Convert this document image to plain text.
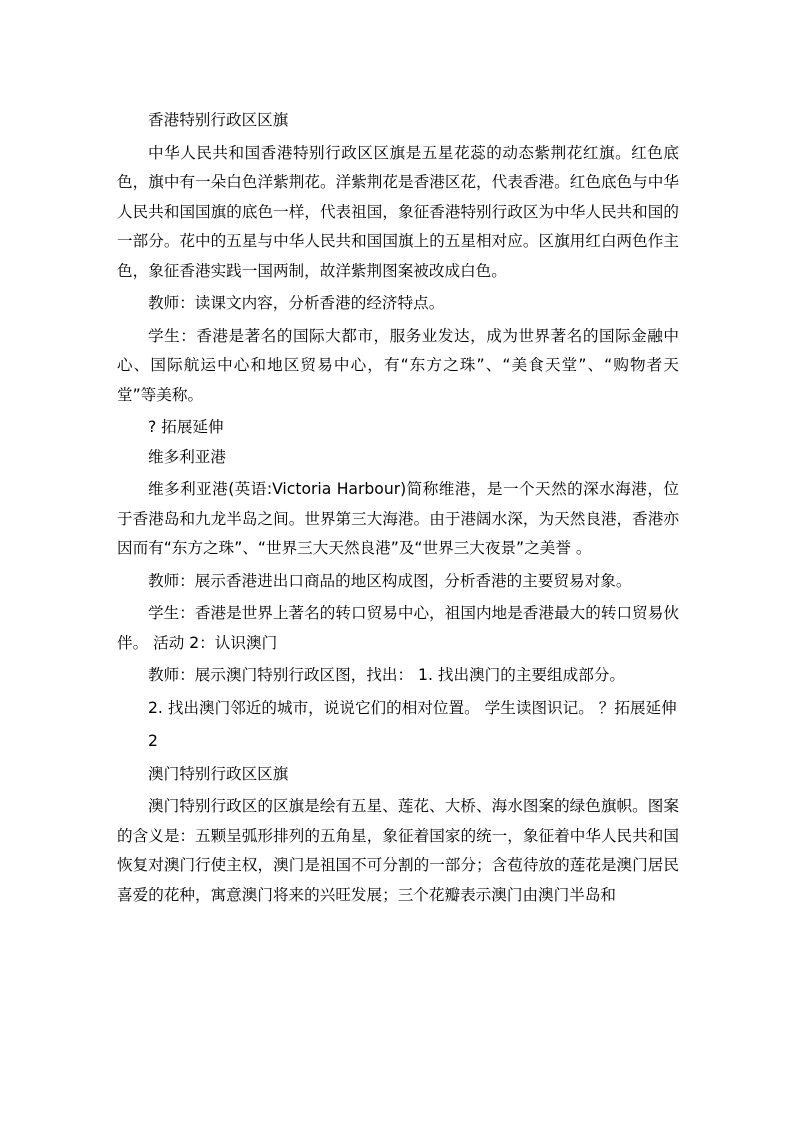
香港特别行政区区旗

中华人民共和国香港特别行政区区旗是五星花蕊的动态紫荆花红旗。红色底色，旗中有一朵白色洋紫荆花。洋紫荆花是香港区花，代表香港。红色底色与中华人民共和国国旗的底色一样，代表祖国，象征香港特别行政区为中华人民共和国的一部分。花中的五星与中华人民共和国国旗上的五星相对应。区旗用红白两色作主色，象征香港实践一国两制，故洋紫荆图案被改成白色。

教师：读课文内容，分析香港的经济特点。

学生：香港是著名的国际大都市，服务业发达，成为世界著名的国际金融中心、国际航运中心和地区贸易中心，有“东方之珠”、“美食天堂”、“购物者天堂”等美称。

? 拓展延伸

维多利亚港

维多利亚港(英语:Victoria Harbour)简称维港，是一个天然的深水海港，位于香港岛和九龙半岛之间。世界第三大海港。由于港阔水深，为天然良港，香港亦因而有“东方之珠”、“世界三大天然良港”及“世界三大夜景”之美誉 。

教师：展示香港进出口商品的地区构成图，分析香港的主要贸易对象。

学生：香港是世界上著名的转口贸易中心，祖国内地是香港最大的转口贸易伙伴。 活动 2：认识澳门

教师：展示澳门特别行政区图，找出： 1. 找出澳门的主要组成部分。

2. 找出澳门邻近的城市，说说它们的相对位置。 学生读图识记。 ？拓展延伸

2

澳门特别行政区区旗

澳门特别行政区的区旗是绘有五星、莲花、大桥、海水图案的绿色旗帜。图案的含义是：五颗呈弧形排列的五角星，象征着国家的统一，象征着中华人民共和国恢复对澳门行使主权，澳门是祖国不可分割的一部分；含苞待放的莲花是澳门居民喜爱的花种，寓意澳门将来的兴旺发展；三个花瓣表示澳门由澳门半岛和
